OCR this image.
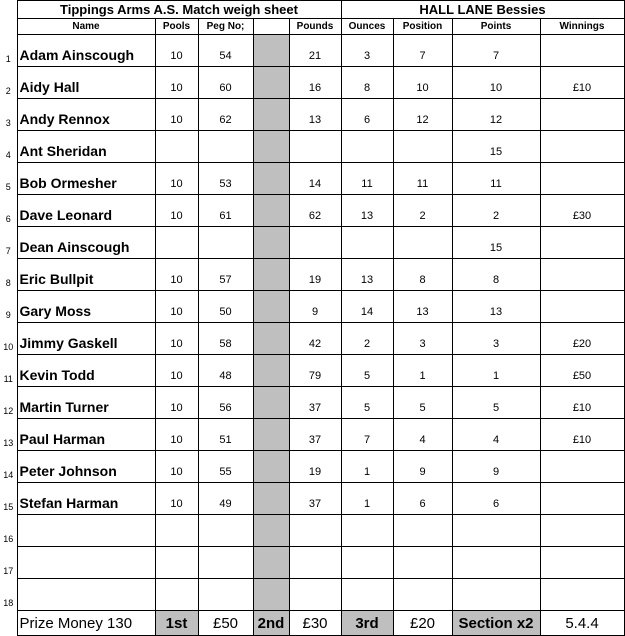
	Tippings Arms A.S. Match weigh sheet					HALL LANE Bessies			
	Name	Pools	Peg No;		Pounds	Ounces	Position	Points	Winnings
1	Adam Ainscough	10	54		21	3	7	7	
2	Aidy Hall	10	60		16	8	10	10	£10
3	Andy Rennox	10	62		13	6	12	12	
4	Ant Sheridan							15	
5	Bob Ormesher	10	53		14	11	11	11	
6	Dave Leonard	10	61		62	13	2	2	£30
7	Dean Ainscough							15	
8	Eric Bullpit	10	57		19	13	8	8	
9	Gary Moss	10	50		9	14	13	13	
10	Jimmy Gaskell	10	58		42	2	3	3	£20
11	Kevin Todd	10	48		79	5	1	1	£50
12	Martin Turner	10	56		37	5	5	5	£10
13	Paul Harman	10	51		37	7	4	4	£10
14	Peter Johnson	10	55		19	1	9	9	
15	Stefan Harman	10	49		37	1	6	6	
16									
17									
18									
	Prize Money 130	1st	£50	2nd	£30	3rd	£20	Section x2	5.4.4
